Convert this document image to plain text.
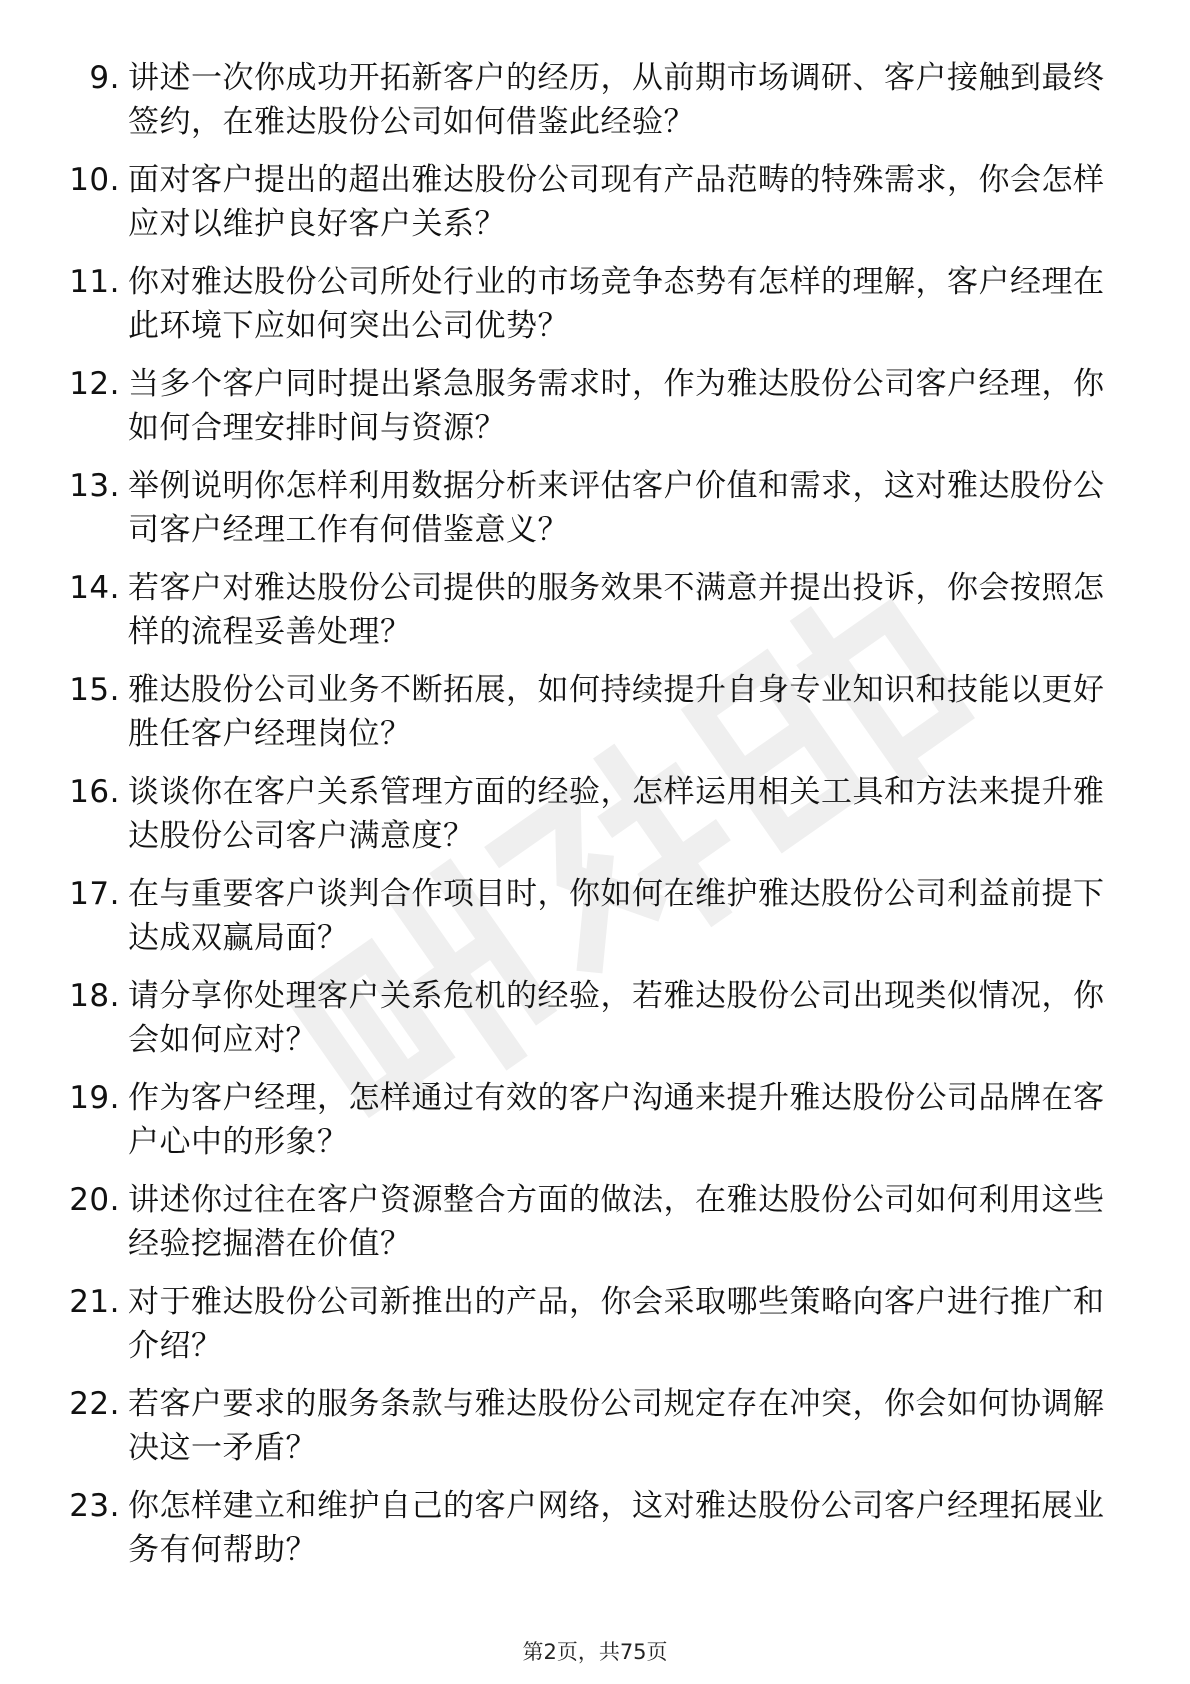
9. 讲述一次你成功开拓新客户的经历，从前期市场调研、客户接触到最终签约，在雅达股份公司如何借鉴此经验？
10. 面对客户提出的超出雅达股份公司现有产品范畴的特殊需求，你会怎样应对以维护良好客户关系？
11. 你对雅达股份公司所处行业的市场竞争态势有怎样的理解，客户经理在此环境下应如何突出公司优势？
12. 当多个客户同时提出紧急服务需求时，作为雅达股份公司客户经理，你如何合理安排时间与资源？
13. 举例说明你怎样利用数据分析来评估客户价值和需求，这对雅达股份公司客户经理工作有何借鉴意义？
14. 若客户对雅达股份公司提供的服务效果不满意并提出投诉，你会按照怎样的流程妥善处理？
15. 雅达股份公司业务不断拓展，如何持续提升自身专业知识和技能以更好胜任客户经理岗位？
16. 谈谈你在客户关系管理方面的经验，怎样运用相关工具和方法来提升雅达股份公司客户满意度？
17. 在与重要客户谈判合作项目时，你如何在维护雅达股份公司利益前提下达成双赢局面？
18. 请分享你处理客户关系危机的经验，若雅达股份公司出现类似情况，你会如何应对？
19. 作为客户经理，怎样通过有效的客户沟通来提升雅达股份公司品牌在客户心中的形象？
20. 讲述你过往在客户资源整合方面的做法，在雅达股份公司如何利用这些经验挖掘潜在价值？
21. 对于雅达股份公司新推出的产品，你会采取哪些策略向客户进行推广和介绍？
22. 若客户要求的服务条款与雅达股份公司规定存在冲突，你会如何协调解决这一矛盾？
23. 你怎样建立和维护自己的客户网络，这对雅达股份公司客户经理拓展业务有何帮助？
第2页，共75页
